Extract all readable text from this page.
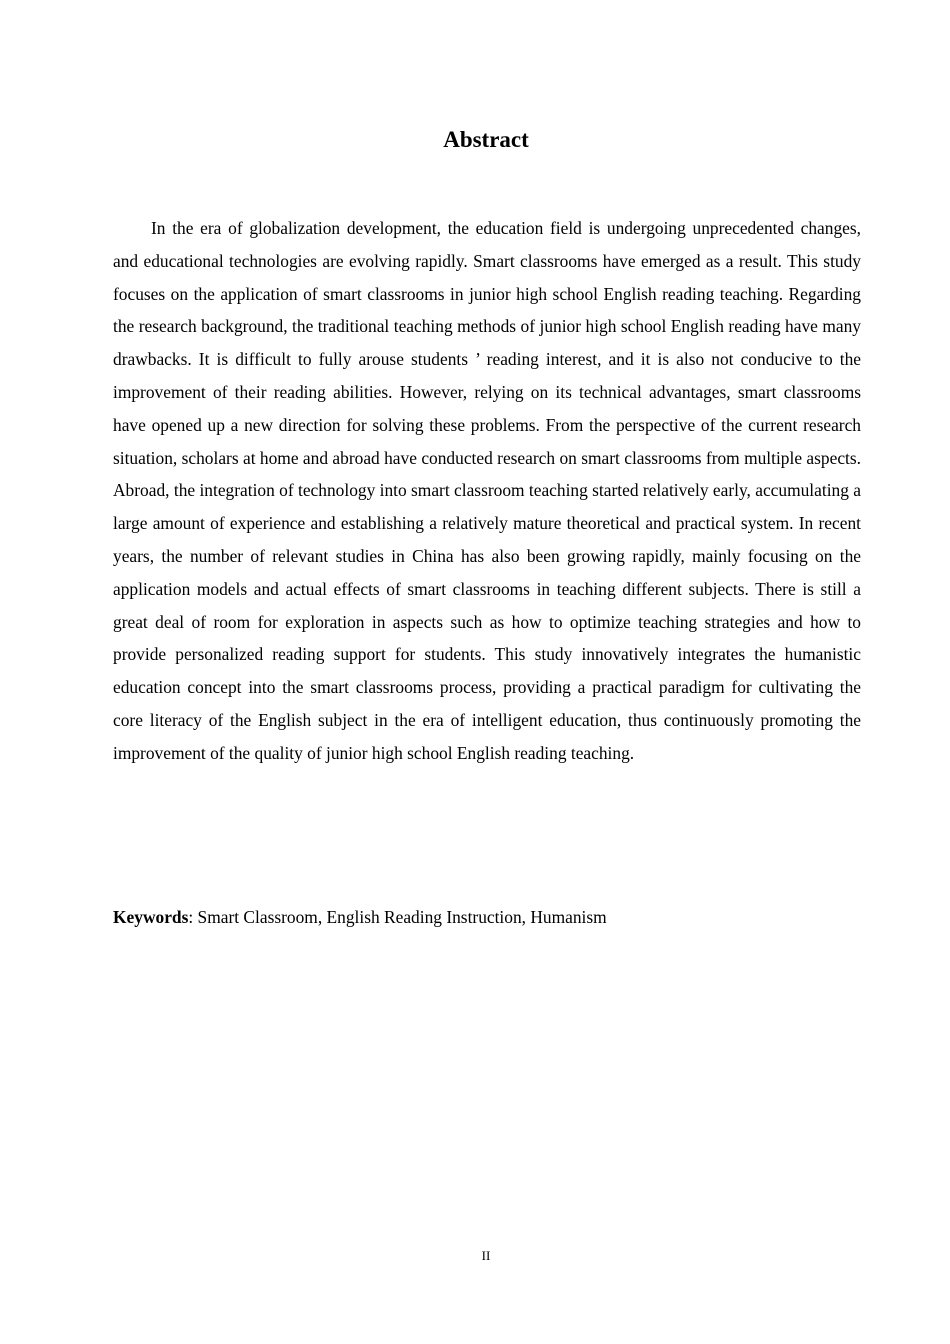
Abstract

In the era of globalization development, the education field is undergoing unprecedented changes, and educational technologies are evolving rapidly. Smart classrooms have emerged as a result. This study focuses on the application of smart classrooms in junior high school English reading teaching. Regarding the research background, the traditional teaching methods of junior high school English reading have many drawbacks. It is difficult to fully arouse students ’ reading interest, and it is also not conducive to the improvement of their reading abilities. However, relying on its technical advantages, smart classrooms have opened up a new direction for solving these problems. From the perspective of the current research situation, scholars at home and abroad have conducted research on smart classrooms from multiple aspects. Abroad, the integration of technology into smart classroom teaching started relatively early, accumulating a large amount of experience and establishing a relatively mature theoretical and practical system. In recent years, the number of relevant studies in China has also been growing rapidly, mainly focusing on the application models and actual effects of smart classrooms in teaching different subjects. There is still a great deal of room for exploration in aspects such as how to optimize teaching strategies and how to provide personalized reading support for students. This study innovatively integrates the humanistic education concept into the smart classrooms process, providing a practical paradigm for cultivating the core literacy of the English subject in the era of intelligent education, thus continuously promoting the improvement of the quality of junior high school English reading teaching.

Keywords: Smart Classroom, English Reading Instruction, Humanism

II
